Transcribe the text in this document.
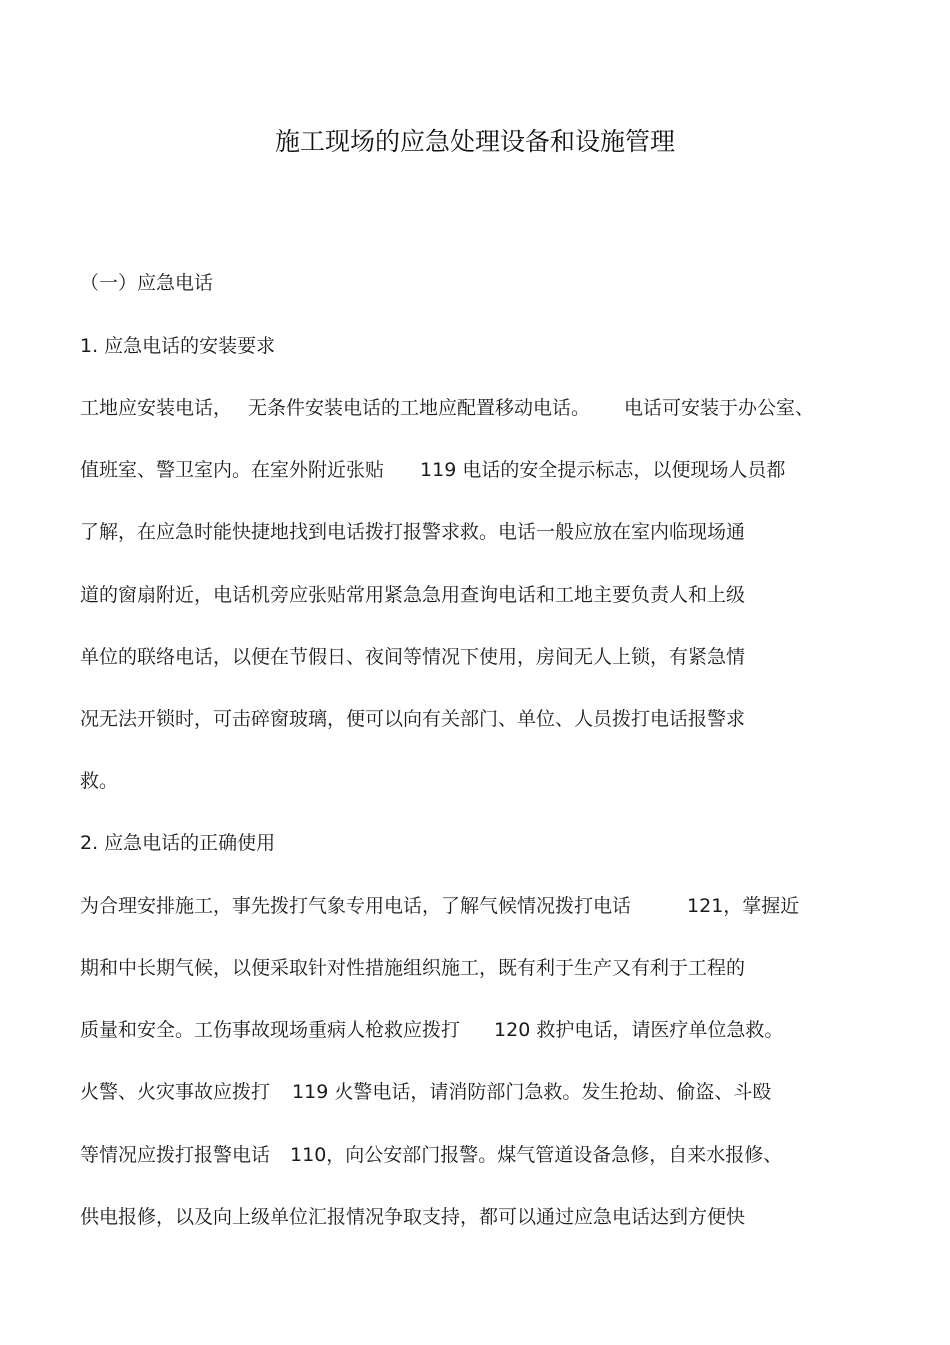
施工现场的应急处理设备和设施管理
（一）应急电话
1. 应急电话的安装要求
工地应安装电话， 无条件安装电话的工地应配置移动电话。 电话可安装于办公室、
值班室、警卫室内。在室外附近张贴 119 电话的安全提示标志，以便现场人员都
了解，在应急时能快捷地找到电话拨打报警求救。电话一般应放在室内临现场通
道的窗扇附近，电话机旁应张贴常用紧急急用查询电话和工地主要负责人和上级
单位的联络电话，以便在节假日、夜间等情况下使用，房间无人上锁，有紧急情
况无法开锁时，可击碎窗玻璃，便可以向有关部门、单位、人员拨打电话报警求
救。
2. 应急电话的正确使用
为合理安排施工，事先拨打气象专用电话，了解气候情况拨打电话	121，掌握近
期和中长期气候，以便采取针对性措施组织施工，既有利于生产又有利于工程的
质量和安全。工伤事故现场重病人枪救应拨打 120 救护电话，请医疗单位急救。
火警、火灾事故应拨打 119 火警电话，请消防部门急救。发生抢劫、偷盗、斗殴
等情况应拨打报警电话 110，向公安部门报警。煤气管道设备急修，自来水报修、
供电报修，以及向上级单位汇报情况争取支持，都可以通过应急电话达到方便快
